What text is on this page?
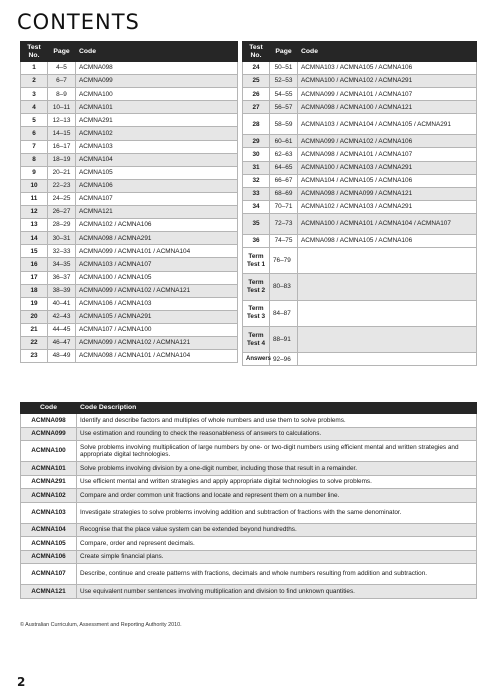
CONTENTS
Test No.	Page	Code
1	4–5	ACMNA098
2	6–7	ACMNA099
3	8–9	ACMNA100
4	10–11	ACMNA101
5	12–13	ACMNA291
6	14–15	ACMNA102
7	16–17	ACMNA103
8	18–19	ACMNA104
9	20–21	ACMNA105
10	22–23	ACMNA106
11	24–25	ACMNA107
12	26–27	ACMNA121
13	28–29	ACMNA102 / ACMNA106
14	30–31	ACMNA098 / ACMNA291
15	32–33	ACMNA099 / ACMNA101 / ACMNA104
16	34–35	ACMNA103 / ACMNA107
17	36–37	ACMNA100 / ACMNA105
18	38–39	ACMNA099 / ACMNA102 / ACMNA121
19	40–41	ACMNA106 / ACMNA103
20	42–43	ACMNA105 / ACMNA291
21	44–45	ACMNA107 / ACMNA100
22	46–47	ACMNA099 / ACMNA102 / ACMNA121
23	48–49	ACMNA098 / ACMNA101 / ACMNA104
Test No.	Page	Code
24	50–51	ACMNA103 / ACMNA105 / ACMNA106
25	52–53	ACMNA100 / ACMNA102 / ACMNA291
26	54–55	ACMNA099 / ACMNA101 / ACMNA107
27	56–57	ACMNA098 / ACMNA100 / ACMNA121
28	58–59	ACMNA103 / ACMNA104 / ACMNA105 / ACMNA291
29	60–61	ACMNA099 / ACMNA102 / ACMNA106
30	62–63	ACMNA098 / ACMNA101 / ACMNA107
31	64–65	ACMNA100 / ACMNA103 / ACMNA291
32	66–67	ACMNA104 / ACMNA105 / ACMNA106
33	68–69	ACMNA098 / ACMNA099 / ACMNA121
34	70–71	ACMNA102 / ACMNA103 / ACMNA291
35	72–73	ACMNA100 / ACMNA101 / ACMNA104 / ACMNA107
36	74–75	ACMNA098 / ACMNA105 / ACMNA106
Term Test 1	76–79	
Term Test 2	80–83	
Term Test 3	84–87	
Term Test 4	88–91	
Answers	92–96	
Code	Code Description
ACMNA098	Identify and describe factors and multiples of whole numbers and use them to solve problems.
ACMNA099	Use estimation and rounding to check the reasonableness of answers to calculations.
ACMNA100	Solve problems involving multiplication of large numbers by one- or two-digit numbers using efficient mental and written strategies and appropriate digital technologies.
ACMNA101	Solve problems involving division by a one-digit number, including those that result in a remainder.
ACMNA291	Use efficient mental and written strategies and apply appropriate digital technologies to solve problems.
ACMNA102	Compare and order common unit fractions and locate and represent them on a number line.
ACMNA103	Investigate strategies to solve problems involving addition and subtraction of fractions with the same denominator.
ACMNA104	Recognise that the place value system can be extended beyond hundredths.
ACMNA105	Compare, order and represent decimals.
ACMNA106	Create simple financial plans.
ACMNA107	Describe, continue and create patterns with fractions, decimals and whole numbers resulting from addition and subtraction.
ACMNA121	Use equivalent number sentences involving multiplication and division to find unknown quantities.
© Australian Curriculum, Assessment and Reporting Authority 2010.
2
